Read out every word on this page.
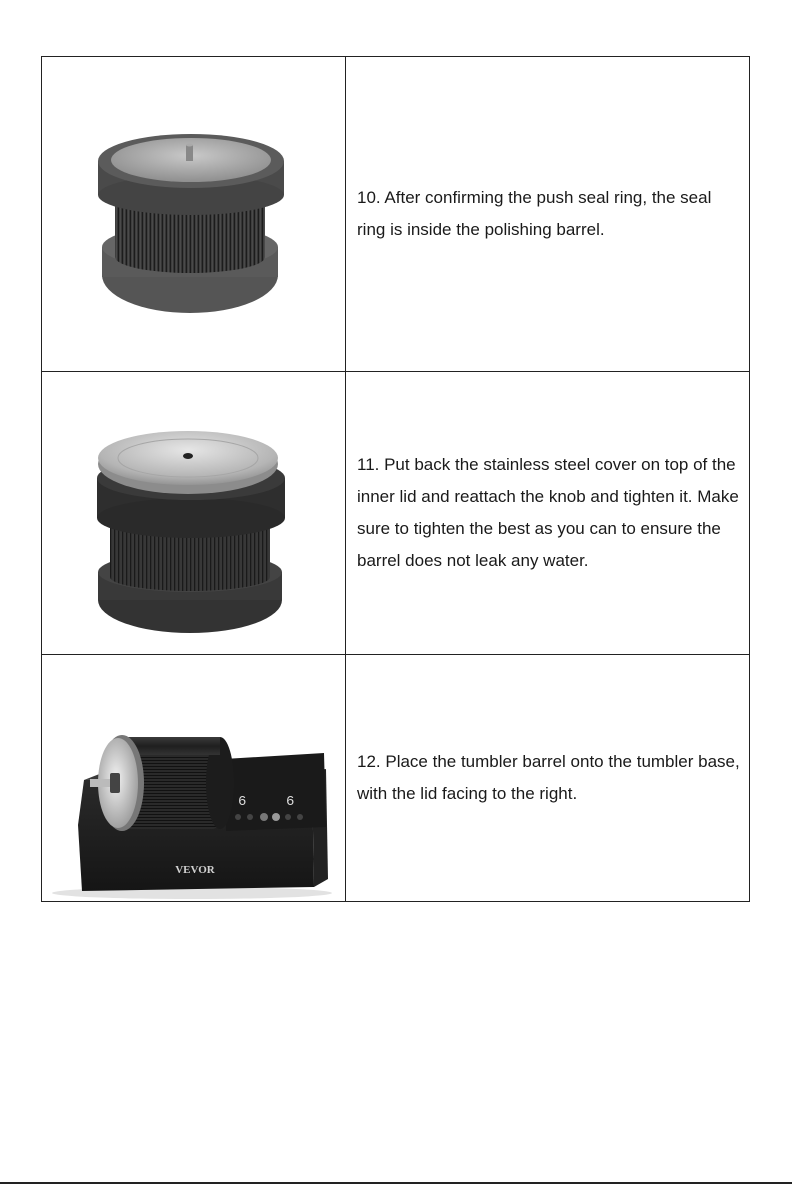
10. After confirming the push seal ring, the seal ring is inside the polishing barrel.

11. Put back the stainless steel cover on top of the inner lid and reattach the knob and tighten it. Make sure to tighten the best as you can to ensure the barrel does not leak any water.

6	6
VEVOR

12. Place the tumbler barrel onto the tumbler base, with the lid facing to the right.
